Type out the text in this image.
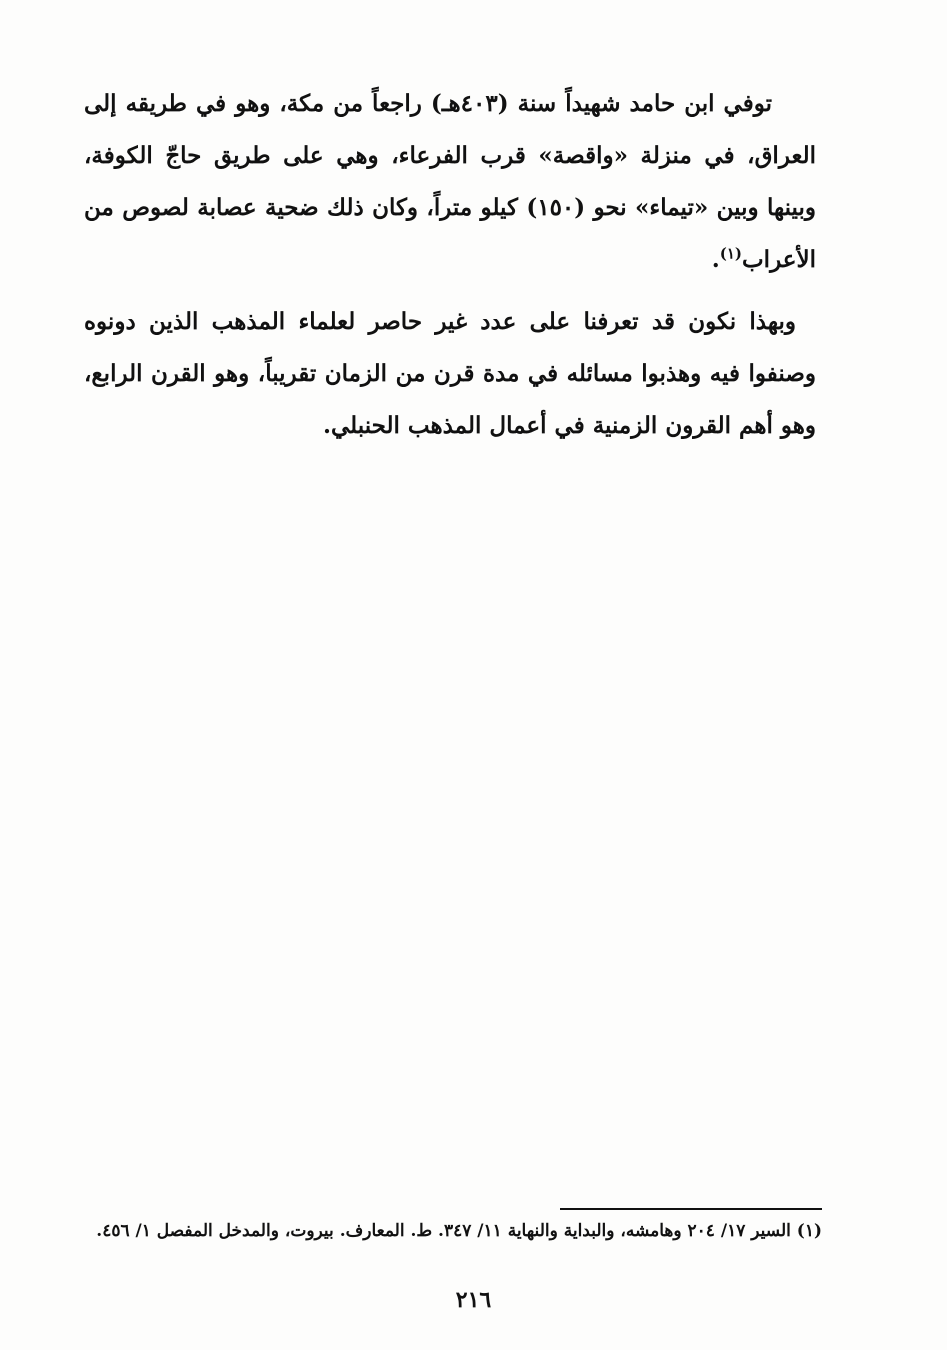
توفي ابن حامد شهيداً سنة (٤٠٣هـ) راجعاً من مكة، وهو في طريقه إلى العراق، في منزلة «واقصة» قرب الفرعاء، وهي على طريق حاجّ الكوفة، وبينها وبين «تيماء» نحو (١٥٠) كيلو متراً، وكان ذلك ضحية عصابة لصوص من الأعراب$^{(١)}$.

وبهذا نكون قد تعرفنا على عدد غير حاصر لعلماء المذهب الذين دونوه وصنفوا فيه وهذبوا مسائله في مدة قرن من الزمان تقريباً، وهو القرن الرابع، وهو أهم القرون الزمنية في أعمال المذهب الحنبلي.

(١) السير ١٧/ ٢٠٤ وهامشه، والبداية والنهاية ١١/ ٣٤٧. ط. المعارف. بيروت، والمدخل المفصل ١/ ٤٥٦.
٢١٦
